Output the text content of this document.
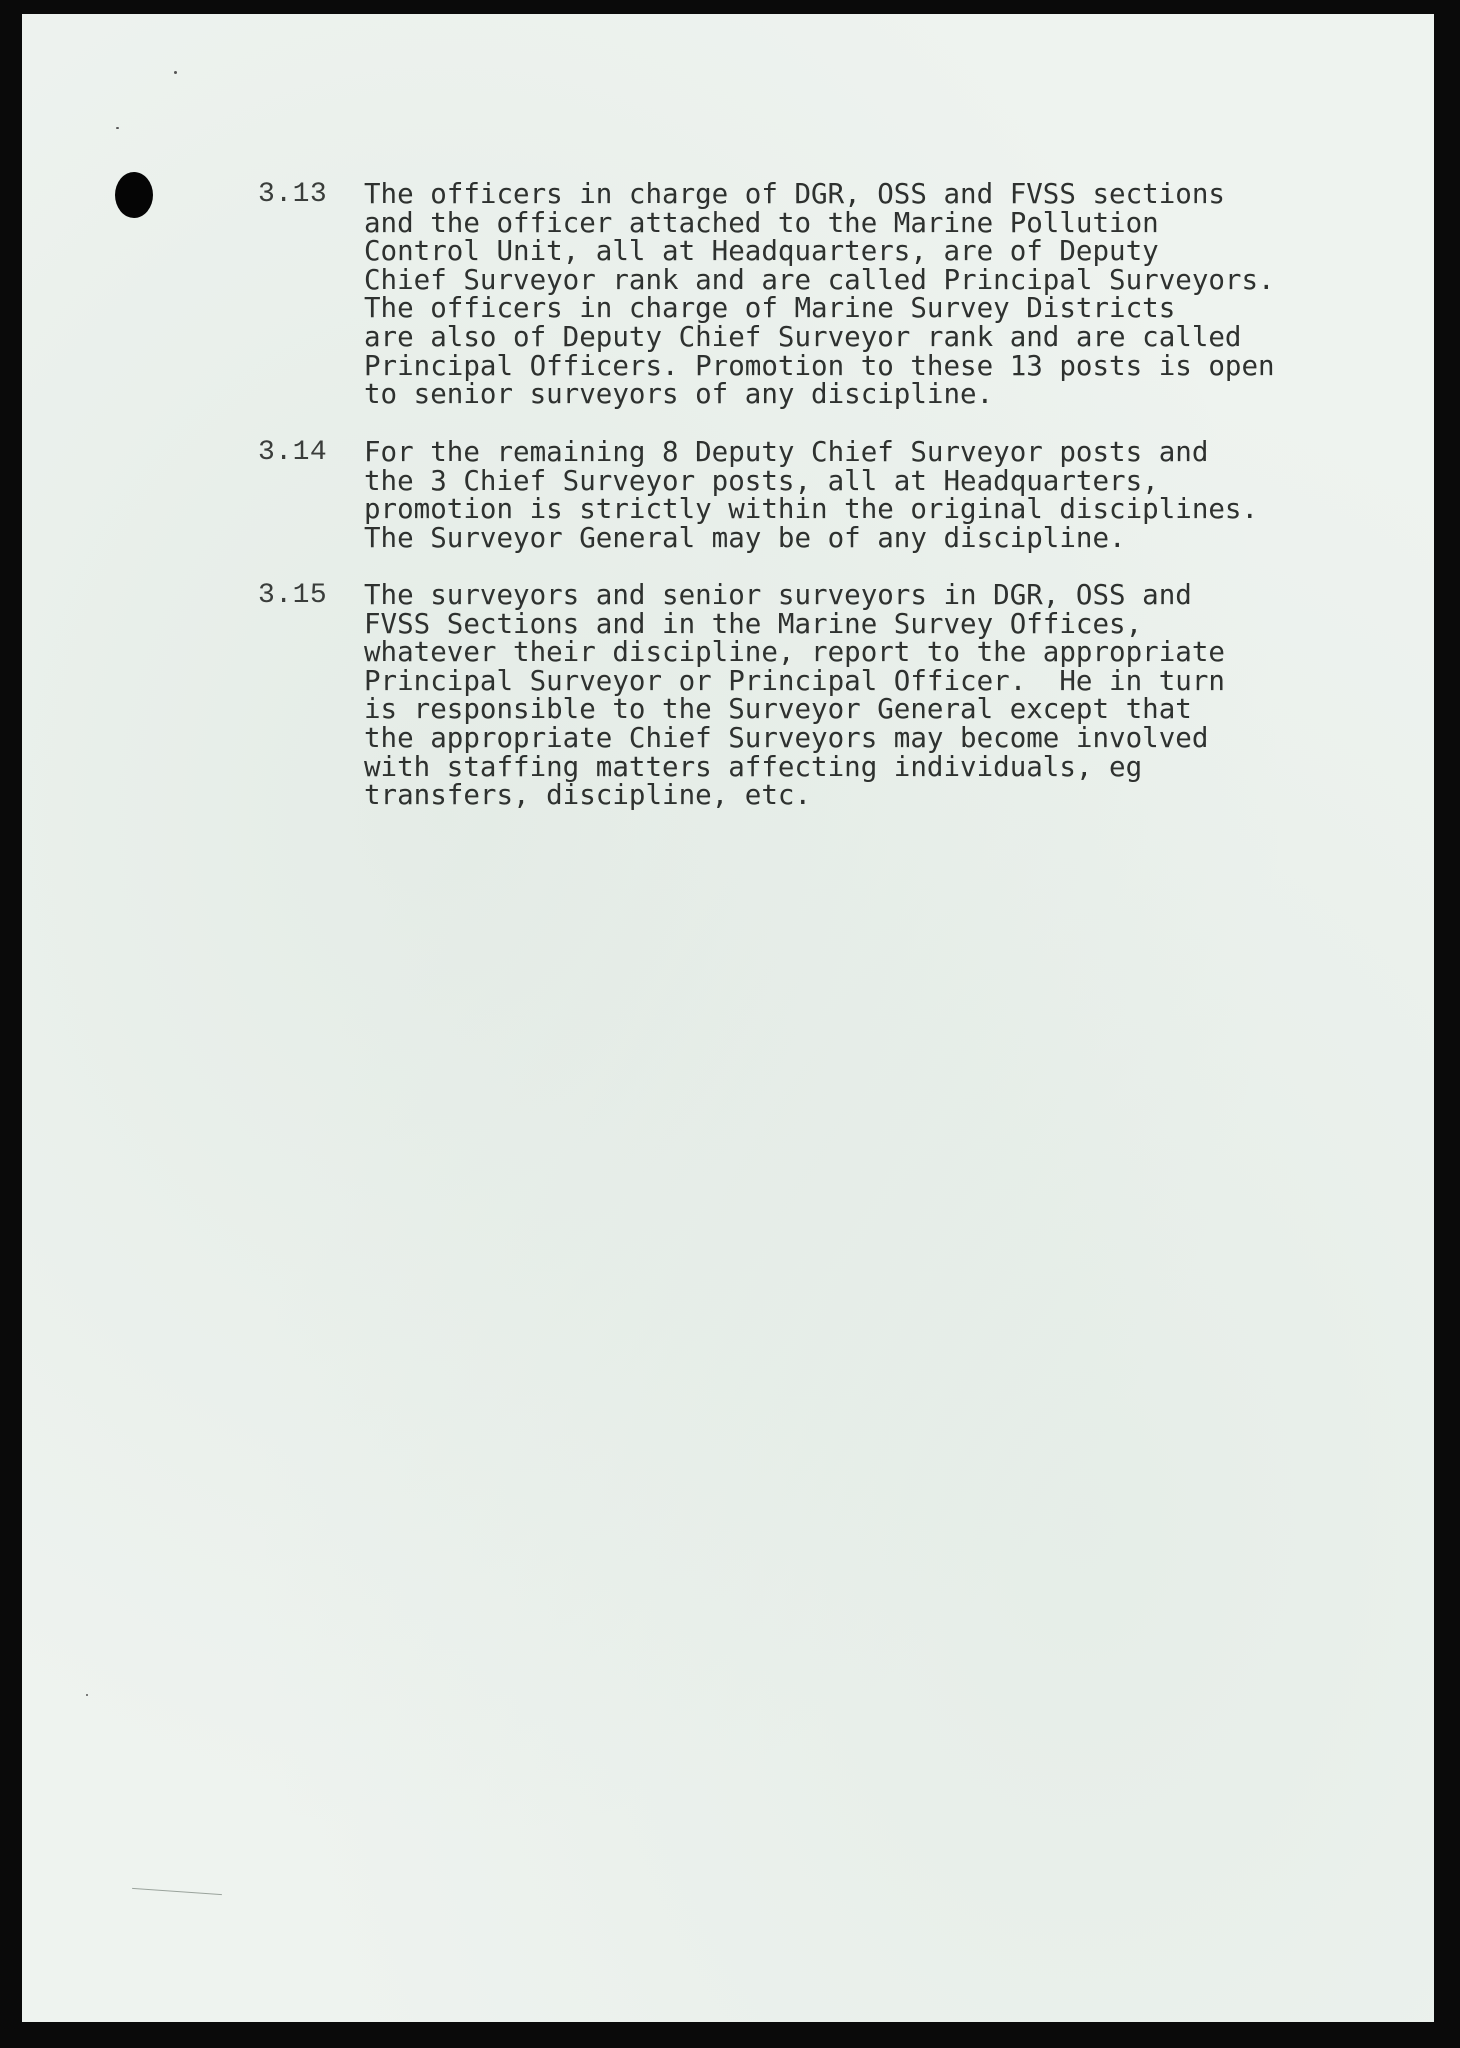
3.13 The officers in charge of DGR, OSS and FVSS sections
and the officer attached to the Marine Pollution
Control Unit, all at Headquarters, are of Deputy
Chief Surveyor rank and are called Principal Surveyors.
The officers in charge of Marine Survey Districts
are also of Deputy Chief Surveyor rank and are called
Principal Officers. Promotion to these 13 posts is open
to senior surveyors of any discipline.
3.14 For the remaining 8 Deputy Chief Surveyor posts and
the 3 Chief Surveyor posts, all at Headquarters,
promotion is strictly within the original disciplines.
The Surveyor General may be of any discipline.
3.15 The surveyors and senior surveyors in DGR, OSS and
FVSS Sections and in the Marine Survey Offices,
whatever their discipline, report to the appropriate
Principal Surveyor or Principal Officer.  He in turn
is responsible to the Surveyor General except that
the appropriate Chief Surveyors may become involved
with staffing matters affecting individuals, eg
transfers, discipline, etc.
